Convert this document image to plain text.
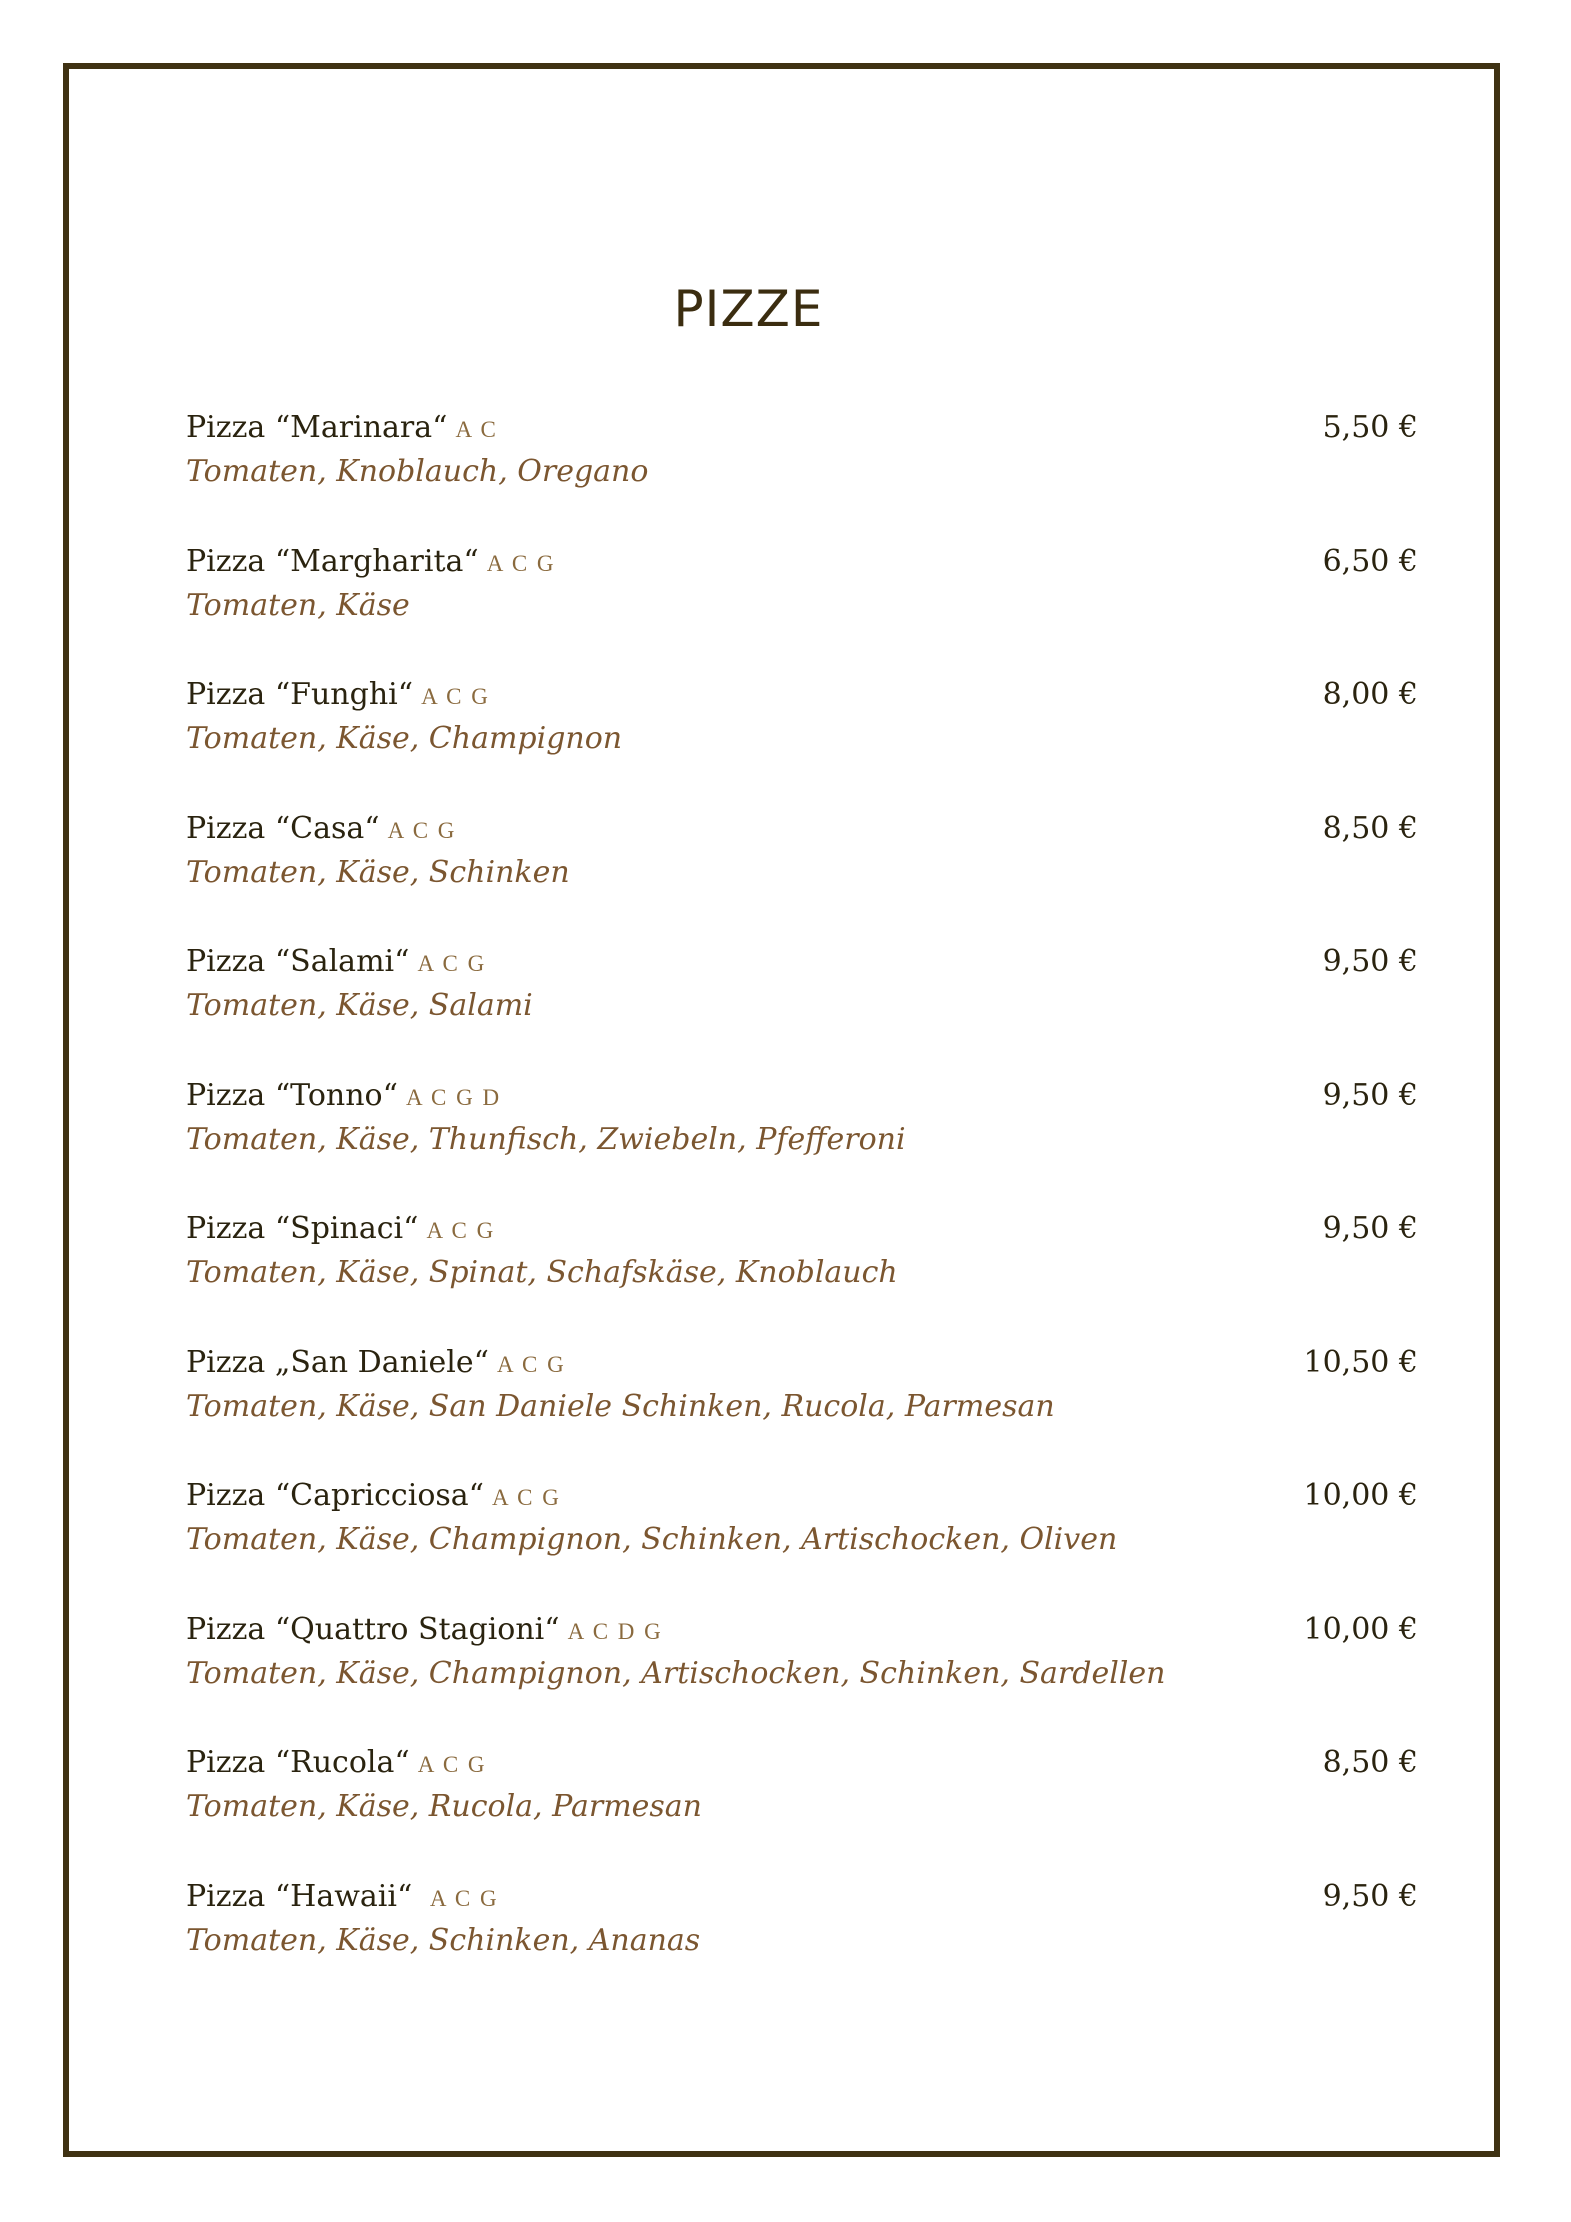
PIZZE
Pizza “Marinara“ A C	5,50 €
Tomaten, Knoblauch, Oregano
Pizza “Margharita“ A C G	6,50 €
Tomaten, Käse
Pizza “Funghi“ A C G	8,00 €
Tomaten, Käse, Champignon
Pizza “Casa“ A C G	8,50 €
Tomaten, Käse, Schinken
Pizza “Salami“ A C G	9,50 €
Tomaten, Käse, Salami
Pizza “Tonno“ A C G D	9,50 €
Tomaten, Käse, Thunfisch, Zwiebeln, Pfefferoni
Pizza “Spinaci“ A C G	9,50 €
Tomaten, Käse, Spinat, Schafskäse, Knoblauch
Pizza „San Daniele“ A C G	10,50 €
Tomaten, Käse, San Daniele Schinken, Rucola, Parmesan
Pizza “Capricciosa“ A C G	10,00 €
Tomaten, Käse, Champignon, Schinken, Artischocken, Oliven
Pizza “Quattro Stagioni“ A C D G	10,00 €
Tomaten, Käse, Champignon, Artischocken, Schinken, Sardellen
Pizza “Rucola“ A C G	8,50 €
Tomaten, Käse, Rucola, Parmesan
Pizza “Hawaii“ A C G	9,50 €
Tomaten, Käse, Schinken, Ananas
